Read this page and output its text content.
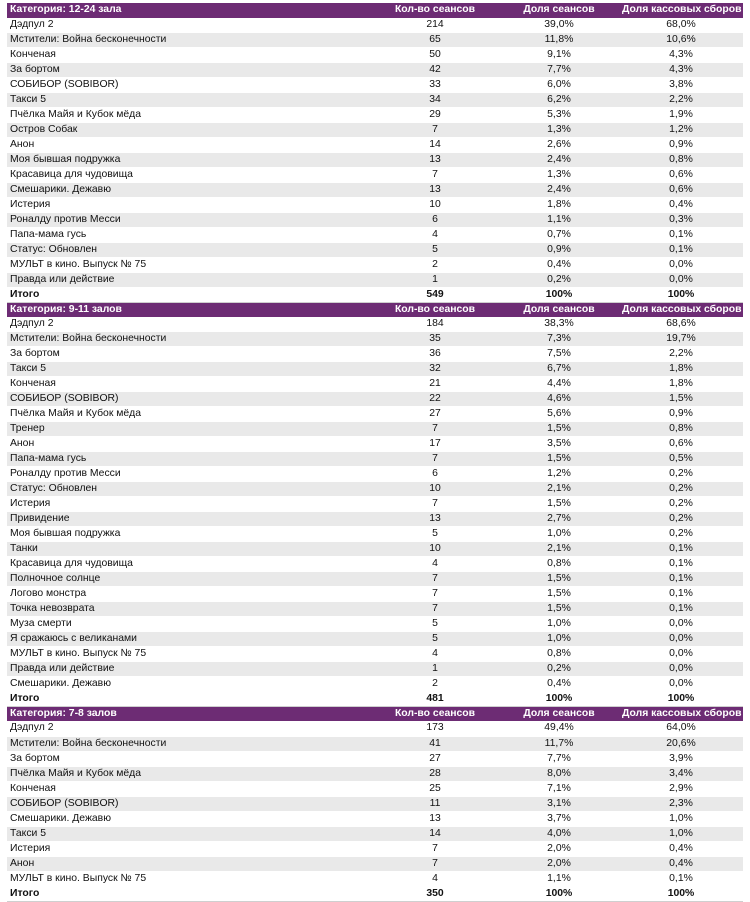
Категория: 12-24 зала	Кол-во сеансов	Доля сеансов	Доля кассовых сборов
Дэдпул 2	214	39,0%	68,0%
Мстители: Война бесконечности	65	11,8%	10,6%
Конченая	50	9,1%	4,3%
За бортом	42	7,7%	4,3%
СОБИБОР (SOBIBOR)	33	6,0%	3,8%
Такси 5	34	6,2%	2,2%
Пчёлка Майя и Кубок мёда	29	5,3%	1,9%
Остров Собак	7	1,3%	1,2%
Анон	14	2,6%	0,9%
Моя бывшая подружка	13	2,4%	0,8%
Красавица для чудовища	7	1,3%	0,6%
Смешарики. Дежавю	13	2,4%	0,6%
Истерия	10	1,8%	0,4%
Роналду против Месси	6	1,1%	0,3%
Папа-мама гусь	4	0,7%	0,1%
Статус: Обновлен	5	0,9%	0,1%
МУЛЬТ в кино. Выпуск № 75	2	0,4%	0,0%
Правда или действие	1	0,2%	0,0%
Итого	549	100%	100%
Категория: 9-11 залов	Кол-во сеансов	Доля сеансов	Доля кассовых сборов
Дэдпул 2	184	38,3%	68,6%
Мстители: Война бесконечности	35	7,3%	19,7%
За бортом	36	7,5%	2,2%
Такси 5	32	6,7%	1,8%
Конченая	21	4,4%	1,8%
СОБИБОР (SOBIBOR)	22	4,6%	1,5%
Пчёлка Майя и Кубок мёда	27	5,6%	0,9%
Тренер	7	1,5%	0,8%
Анон	17	3,5%	0,6%
Папа-мама гусь	7	1,5%	0,5%
Роналду против Месси	6	1,2%	0,2%
Статус: Обновлен	10	2,1%	0,2%
Истерия	7	1,5%	0,2%
Привидение	13	2,7%	0,2%
Моя бывшая подружка	5	1,0%	0,2%
Танки	10	2,1%	0,1%
Красавица для чудовища	4	0,8%	0,1%
Полночное солнце	7	1,5%	0,1%
Логово монстра	7	1,5%	0,1%
Точка невозврата	7	1,5%	0,1%
Муза смерти	5	1,0%	0,0%
Я сражаюсь с великанами	5	1,0%	0,0%
МУЛЬТ в кино. Выпуск № 75	4	0,8%	0,0%
Правда или действие	1	0,2%	0,0%
Смешарики. Дежавю	2	0,4%	0,0%
Итого	481	100%	100%
Категория: 7-8 залов	Кол-во сеансов	Доля сеансов	Доля кассовых сборов
Дэдпул 2	173	49,4%	64,0%
Мстители: Война бесконечности	41	11,7%	20,6%
За бортом	27	7,7%	3,9%
Пчёлка Майя и Кубок мёда	28	8,0%	3,4%
Конченая	25	7,1%	2,9%
СОБИБОР (SOBIBOR)	11	3,1%	2,3%
Смешарики. Дежавю	13	3,7%	1,0%
Такси 5	14	4,0%	1,0%
Истерия	7	2,0%	0,4%
Анон	7	2,0%	0,4%
МУЛЬТ в кино. Выпуск № 75	4	1,1%	0,1%
Итого	350	100%	100%
